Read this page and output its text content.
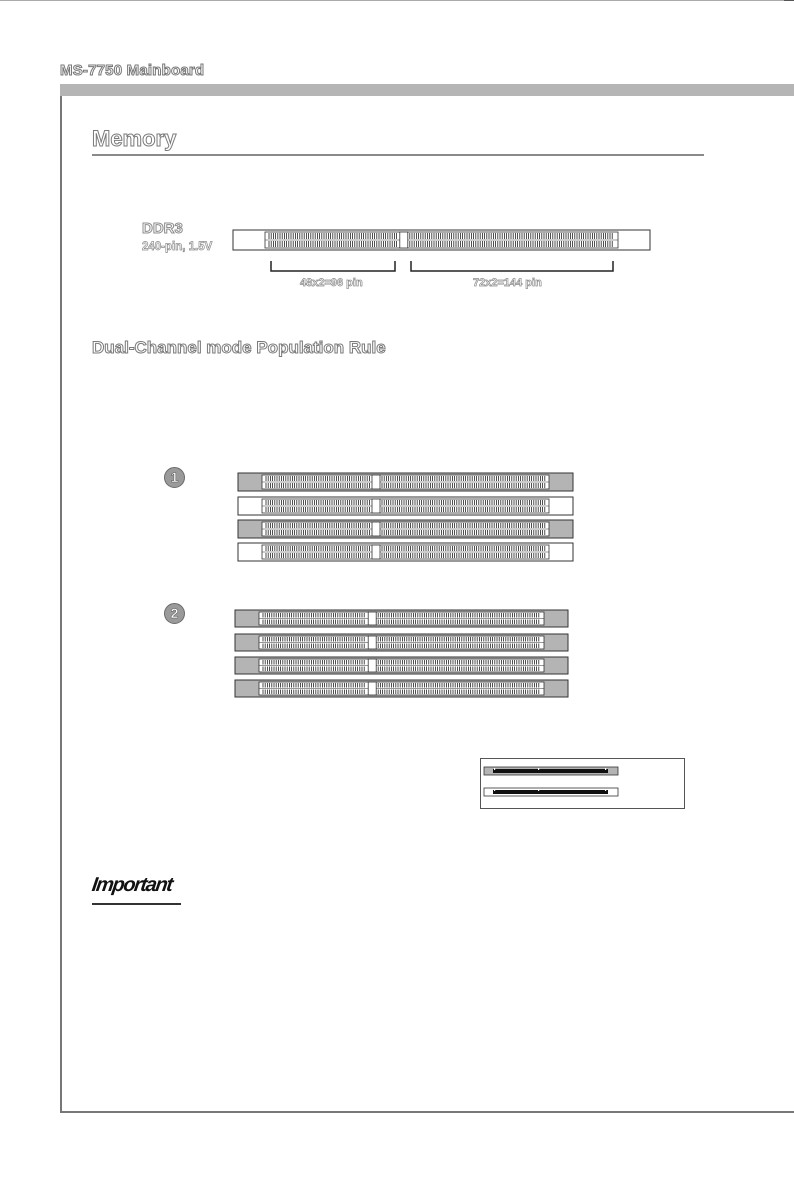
MS-7750 Mainboard
Memory
DDR3
240-pin, 1.5V
48x2=96 pin	72x2=144 pin
Dual-Channel mode Population Rule
1
2
Important
